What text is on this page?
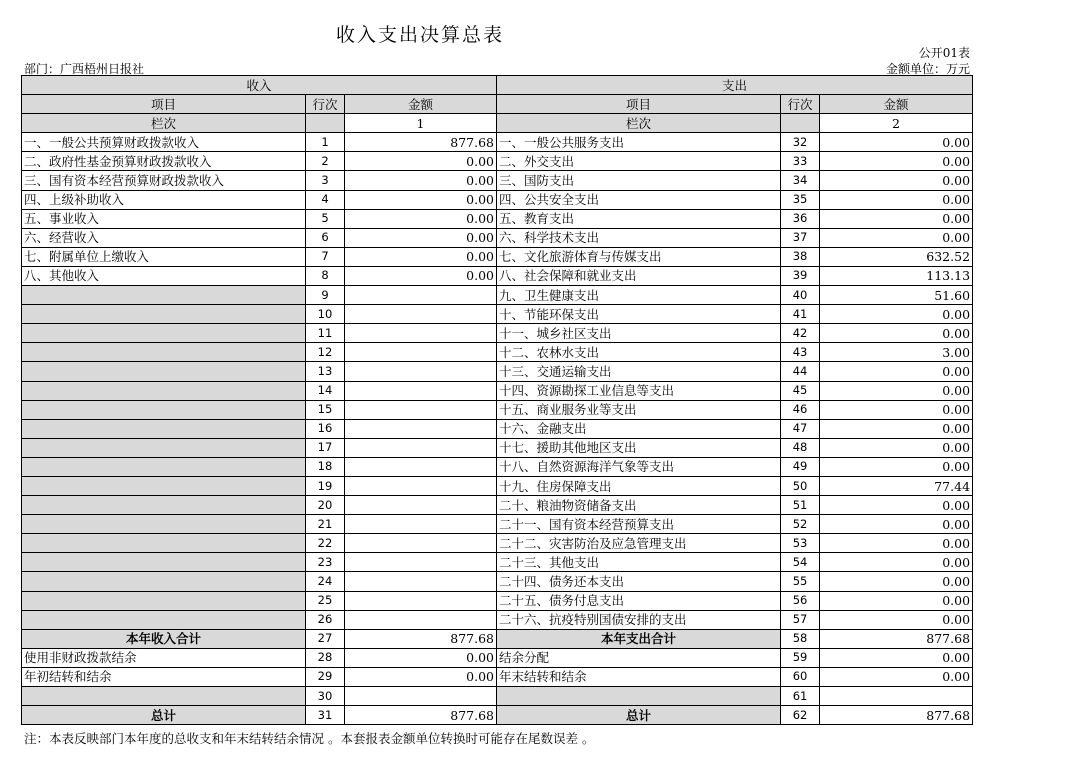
收入支出决算总表
公开01表
部门：广西梧州日报社	金额单位：万元
收入			支出		
项目	行次	金额	项目	行次	金额
栏次		1	栏次		2
一、一般公共预算财政拨款收入	1	877.68	一、一般公共服务支出	32	0.00
二、政府性基金预算财政拨款收入	2	0.00	二、外交支出	33	0.00
三、国有资本经营预算财政拨款收入	3	0.00	三、国防支出	34	0.00
四、上级补助收入	4	0.00	四、公共安全支出	35	0.00
五、事业收入	5	0.00	五、教育支出	36	0.00
六、经营收入	6	0.00	六、科学技术支出	37	0.00
七、附属单位上缴收入	7	0.00	七、文化旅游体育与传媒支出	38	632.52
八、其他收入	8	0.00	八、社会保障和就业支出	39	113.13
	9		九、卫生健康支出	40	51.60
	10		十、节能环保支出	41	0.00
	11		十一、城乡社区支出	42	0.00
	12		十二、农林水支出	43	3.00
	13		十三、交通运输支出	44	0.00
	14		十四、资源勘探工业信息等支出	45	0.00
	15		十五、商业服务业等支出	46	0.00
	16		十六、金融支出	47	0.00
	17		十七、援助其他地区支出	48	0.00
	18		十八、自然资源海洋气象等支出	49	0.00
	19		十九、住房保障支出	50	77.44
	20		二十、粮油物资储备支出	51	0.00
	21		二十一、国有资本经营预算支出	52	0.00
	22		二十二、灾害防治及应急管理支出	53	0.00
	23		二十三、其他支出	54	0.00
	24		二十四、债务还本支出	55	0.00
	25		二十五、债务付息支出	56	0.00
	26		二十六、抗疫特别国债安排的支出	57	0.00
本年收入合计	27	877.68	本年支出合计	58	877.68
使用非财政拨款结余	28	0.00	结余分配	59	0.00
年初结转和结余	29	0.00	年末结转和结余	60	0.00
	30			61	
总计	31	877.68	总计	62	877.68
注：本表反映部门本年度的总收支和年末结转结余情况 。本套报表金额单位转换时可能存在尾数误差 。
